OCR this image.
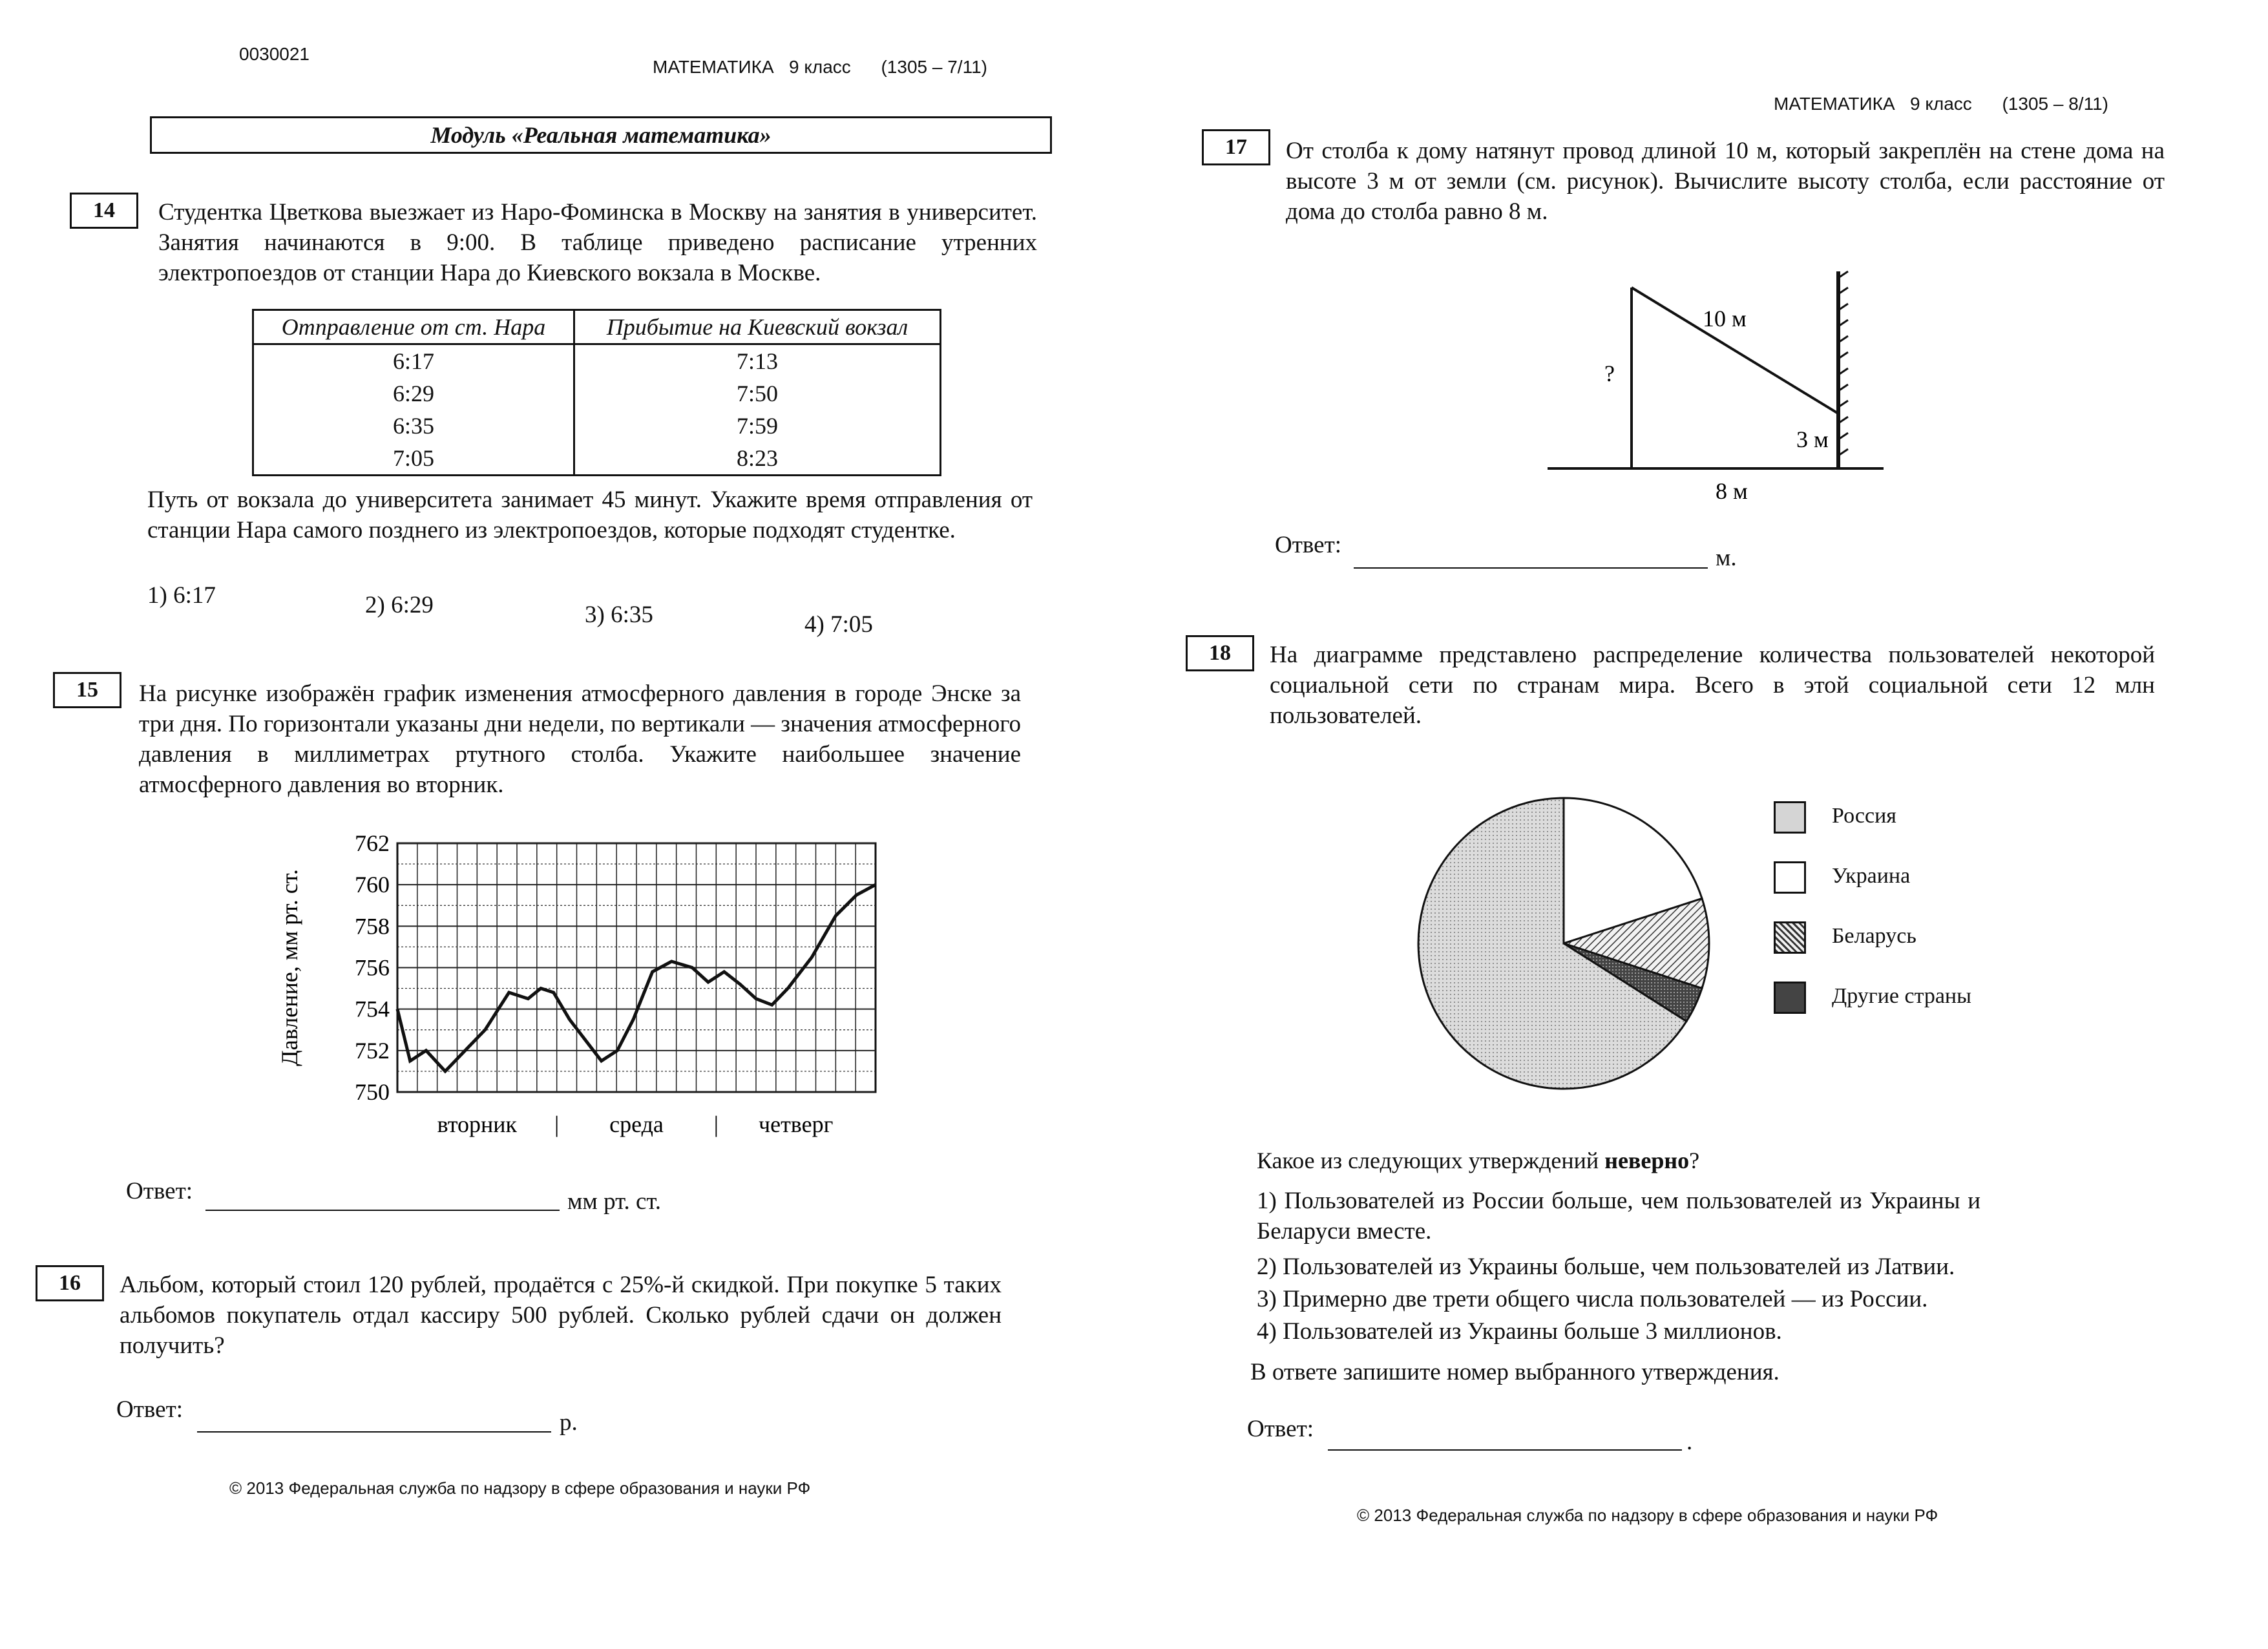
0030021
МАТЕМАТИКА 9 класс (1305 – 7/11)
Модуль «Реальная математика»
14	Студентка Цветкова выезжает из Наро-Фоминска в Москву на занятия в университет. Занятия начинаются в 9:00. В таблице приведено расписание утренних электропоездов от станции Нара до Киевского вокзала в Москве.
Отправление от ст. Нара	Прибытие на Киевский вокзал
6:17	7:13
6:29	7:50
6:35	7:59
7:05	8:23
Путь от вокзала до университета занимает 45 минут. Укажите время отправления от станции Нара самого позднего из электропоездов, которые подходят студентке.
1) 6:17	2) 6:29	3) 6:35	4) 7:05
15	На рисунке изображён график изменения атмосферного давления в городе Энске за три дня. По горизонтали указаны дни недели, по вертикали — значения атмосферного давления в миллиметрах ртутного столба. Укажите наибольшее значение атмосферного давления во вторник.
750
752
754
756
758
760
762
вторник	среда	четверг
|	|
Давление, мм рт. ст.
Ответ:	мм рт. ст.
16	Альбом, который стоил 120 рублей, продаётся с 25%-й скидкой. При покупке 5 таких альбомов покупатель отдал кассиру 500 рублей. Сколько рублей сдачи он должен получить?
Ответ:	р.
© 2013 Федеральная служба по надзору в сфере образования и науки РФ
МАТЕМАТИКА 9 класс (1305 – 8/11)
17	От столба к дому натянут провод длиной 10 м, который закреплён на стене дома на высоте 3 м от земли (см. рисунок). Вычислите высоту столба, если расстояние от дома до столба равно 8 м.
10 м
?
3 м
8 м
Ответ:	м.
18	На диаграмме представлено распределение количества пользователей некоторой социальной сети по странам мира. Всего в этой социальной сети 12 млн пользователей.
Россия
Украина
Беларусь
Другие страны
Какое из следующих утверждений неверно?
1) Пользователей из России больше, чем пользователей из Украины и Беларуси вместе.
2) Пользователей из Украины больше, чем пользователей из Латвии.
3) Примерно две трети общего числа пользователей — из России.
4) Пользователей из Украины больше 3 миллионов.
В ответе запишите номер выбранного утверждения.
Ответ:	.
© 2013 Федеральная служба по надзору в сфере образования и науки РФ
